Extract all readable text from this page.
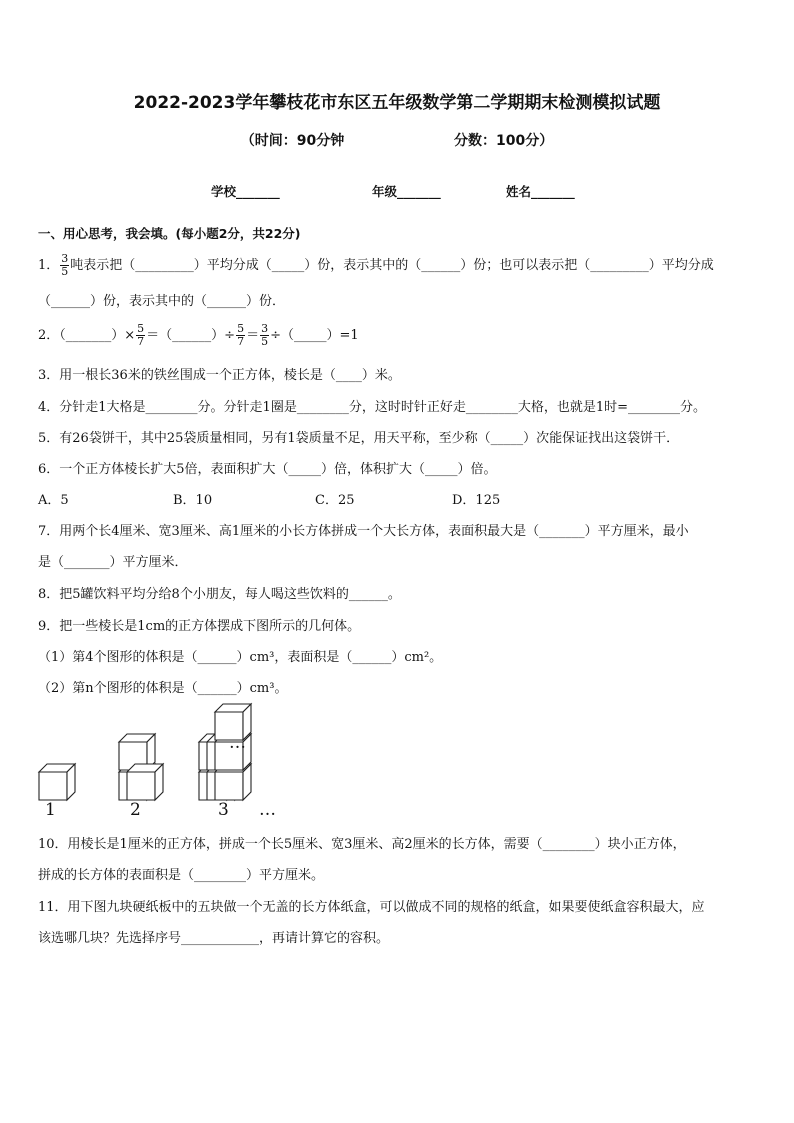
2022-2023学年攀枝花市东区五年级数学第二学期期末检测模拟试题
（时间：90分钟	分数：100分）
学校_______	年级_______	姓名_______
一、用心思考，我会填。(每小题2分，共22分)
1． $\frac{3}{5}$ 吨表示把（_________）平均分成（_____）份，表示其中的（______）份；也可以表示把（_________）平均分成
（______）份，表示其中的（______）份．
2．（_______）× $\frac{5}{7}$ ＝（______）÷ $\frac{5}{7} = \frac{3}{5}$ ÷（_____）=1
3．用一根长36米的铁丝围成一个正方体，棱长是（____）米。
4．分针走1大格是________分。分针走1圈是________分，这时时针正好走________大格，也就是1时=________分。
5．有26袋饼干，其中25袋质量相同，另有1袋质量不足，用天平称，至少称（_____）次能保证找出这袋饼干．
6．一个正方体棱长扩大5倍，表面积扩大（_____）倍，体积扩大（_____）倍。
A．5	B．10	C．25	D．125
7．用两个长4厘米、宽3厘米、高1厘米的小长方体拼成一个大长方体，表面积最大是（_______）平方厘米，最小
是（_______）平方厘米．
8．把5罐饮料平均分给8个小朋友，每人喝这些饮料的______。
9．把一些棱长是1cm的正方体摆成下图所示的几何体。
（1）第4个图形的体积是（______）cm³，表面积是（______）cm²。
（2）第n个图形的体积是（______）cm³。
…
1	2	3 …
10．用棱长是1厘米的正方体，拼成一个长5厘米、宽3厘米、高2厘米的长方体，需要（________）块小正方体，
拼成的长方体的表面积是（________）平方厘米。
11．用下图九块硬纸板中的五块做一个无盖的长方体纸盒，可以做成不同的规格的纸盒，如果要使纸盒容积最大，应
该选哪几块？先选择序号____________，再请计算它的容积。
